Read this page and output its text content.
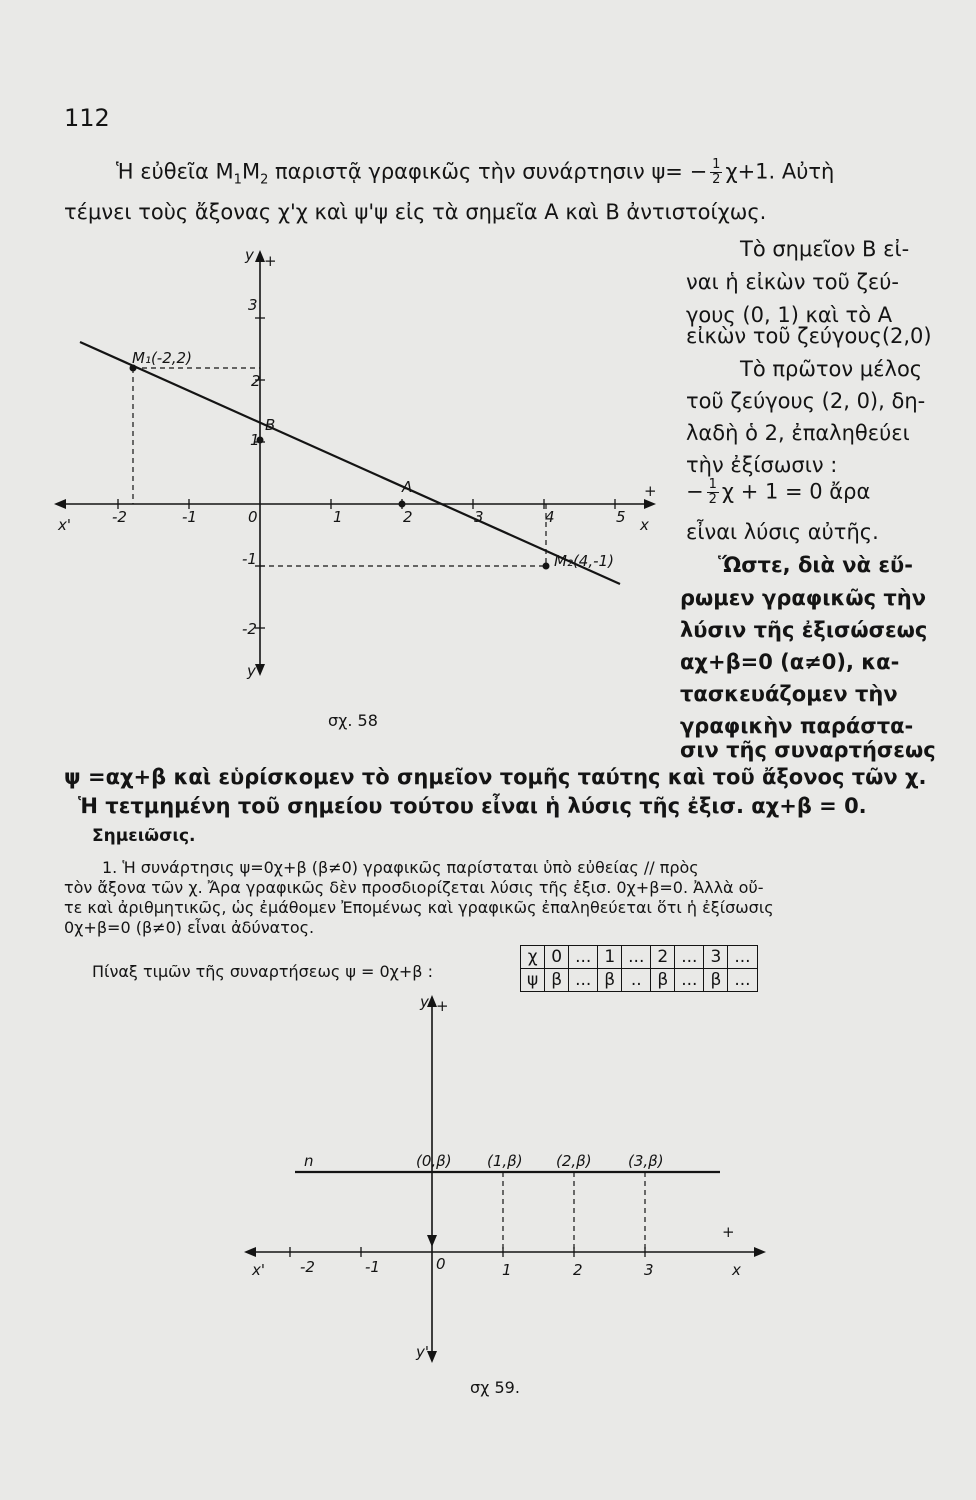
112
Ἡ εὐθεῖα $M_1M_2$ παριστᾷ γραφικῶς τὴν συνάρτησιν $\psi= - \frac{1}{2} \chi+1$. Αὐτὴ
τέμνει τοὺς ἄξονας χ'χ καὶ ψ'ψ εἰς τὰ σημεῖα Α καὶ Β ἀντιστοίχως.
Τὸ σημεῖον Β εἰ-
ναι ἡ εἰκὼν τοῦ ζεύ-
γους (0, 1) καὶ τὸ Α
εἰκὼν τοῦ ζεύγους(2,0)
Τὸ πρῶτον μέλος
τοῦ ζεύγους (2, 0), δη-
λαδὴ ὁ 2, ἐπαληθεύει
τὴν ἐξίσωσιν :
− $\frac{1}{2}$ χ + 1 = 0 ἄρα
εἶναι λύσις αὐτῆς.
Ὥστε, διὰ νὰ εὔ-
ρωμεν γραφικῶς τὴν
λύσιν τῆς ἐξισώσεως
αχ+β=0 (α≠0), κα-
τασκευάζομεν τὴν
γραφικὴν παράστα-
σιν τῆς συναρτήσεως
y +
y'
x'	x
+
M₁(-2,2)
M₂(4,-1)
A
B
-2	-1	0	1	2	3	4	5
3
2
1
-1
-2
σχ. 58
ψ =αχ+β καὶ εὑρίσκομεν τὸ σημεῖον τομῆς ταύτης καὶ τοῦ ἄξονος τῶν χ.
Ἡ τετμημένη τοῦ σημείου τούτου εἶναι ἡ λύσις τῆς ἐξισ. αχ+β = 0.
Σημειῶσις.
1. Ἡ συνάρτησις ψ=0χ+β (β≠0) γραφικῶς παρίσταται ὑπὸ εὐθείας // πρὸς
τὸν ἄξονα τῶν χ. Ἄρα γραφικῶς δὲν προσδιορίζεται λύσις τῆς ἐξισ. 0χ+β=0. Ἀλλὰ οὔ-
τε καὶ ἀριθμητικῶς, ὡς ἐμάθομεν Ἐπομένως καὶ γραφικῶς ἐπαληθεύεται ὅτι ἡ ἐξίσωσις
0χ+β=0 (β≠0) εἶναι ἀδύνατος.
Πίναξ τιμῶν τῆς συναρτήσεως ψ = 0χ+β :
χ	0	...	1	...	2	...	3	...
ψ	β	...	β	..	β	...	β	...
y +
y'
x'	x
+
n	(0,β) (1,β) (2,β) (3,β)
-2	-1	0	1	2	3
σχ 59.
